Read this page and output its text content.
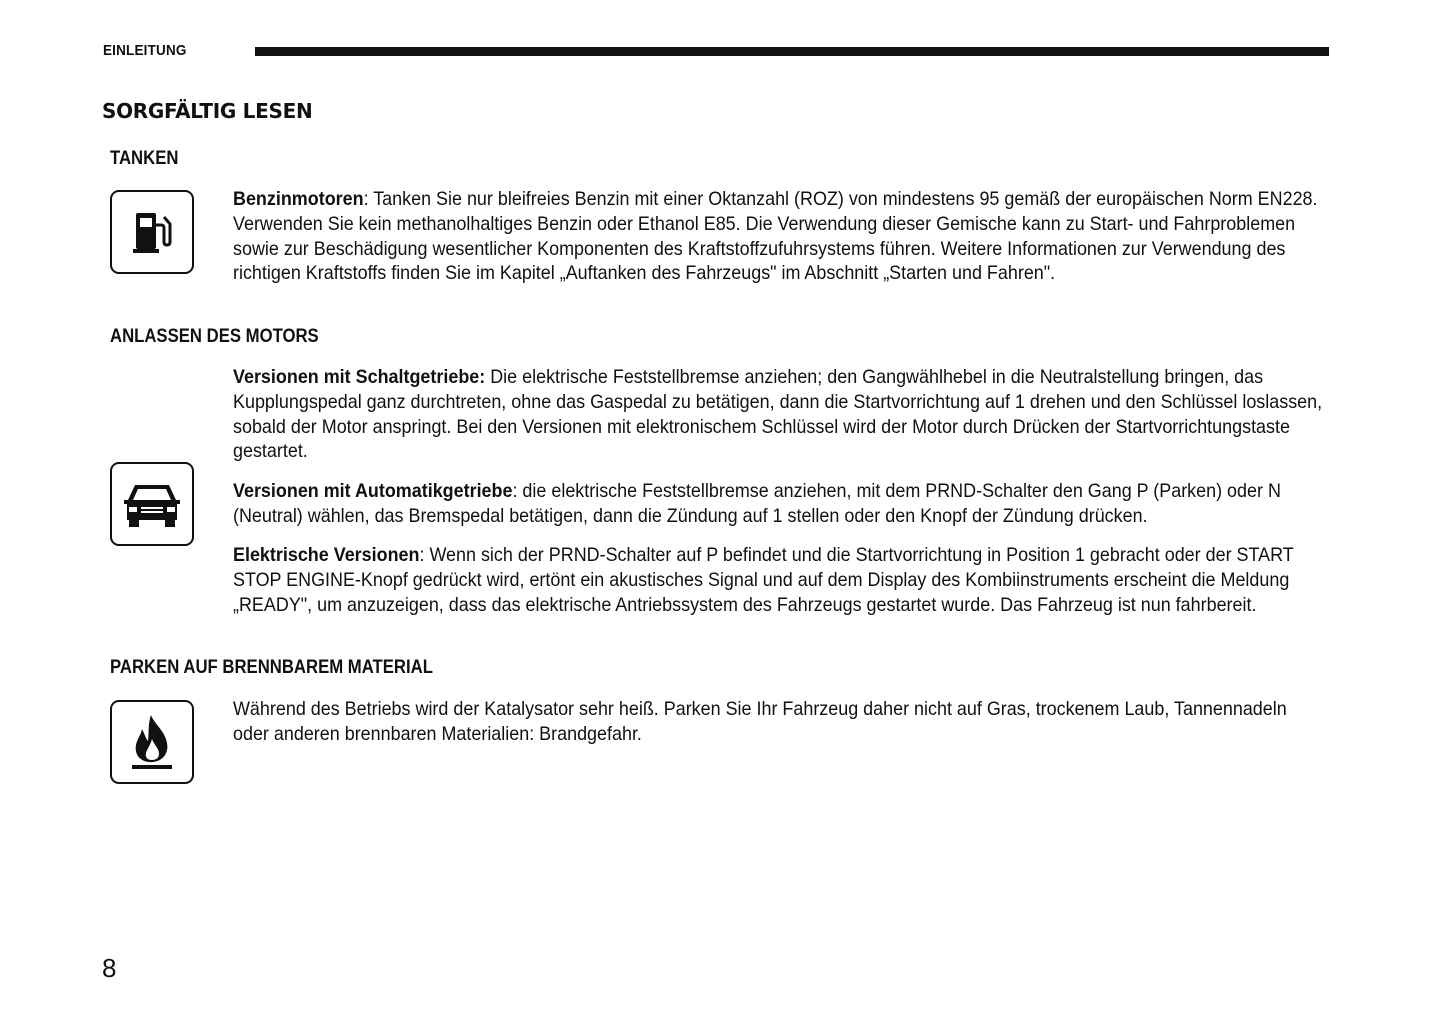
EINLEITUNG
SORGFÄLTIG LESEN
TANKEN
Benzinmotoren: Tanken Sie nur bleifreies Benzin mit einer Oktanzahl (ROZ) von mindestens 95 gemäß der europäischen Norm EN228. Verwenden Sie kein methanolhaltiges Benzin oder Ethanol E85. Die Verwendung dieser Gemische kann zu Start- und Fahrproblemen sowie zur Beschädigung wesentlicher Komponenten des Kraftstoffzufuhrsystems führen. Weitere Informationen zur Verwendung des richtigen Kraftstoffs finden Sie im Kapitel „Auftanken des Fahrzeugs" im Abschnitt „Starten und Fahren".
ANLASSEN DES MOTORS
Versionen mit Schaltgetriebe: Die elektrische Feststellbremse anziehen; den Gangwählhebel in die Neutralstellung bringen, das Kupplungspedal ganz durchtreten, ohne das Gaspedal zu betätigen, dann die Startvorrichtung auf 1 drehen und den Schlüssel loslassen, sobald der Motor anspringt. Bei den Versionen mit elektronischem Schlüssel wird der Motor durch Drücken der Startvorrichtungstaste gestartet.
Versionen mit Automatikgetriebe: die elektrische Feststellbremse anziehen, mit dem PRND-Schalter den Gang P (Parken) oder N (Neutral) wählen, das Bremspedal betätigen, dann die Zündung auf 1 stellen oder den Knopf der Zündung drücken.
Elektrische Versionen: Wenn sich der PRND-Schalter auf P befindet und die Startvorrichtung in Position 1 gebracht oder der START STOP ENGINE-Knopf gedrückt wird, ertönt ein akustisches Signal und auf dem Display des Kombiinstruments erscheint die Meldung „READY", um anzuzeigen, dass das elektrische Antriebssystem des Fahrzeugs gestartet wurde. Das Fahrzeug ist nun fahrbereit.
PARKEN AUF BRENNBAREM MATERIAL
Während des Betriebs wird der Katalysator sehr heiß. Parken Sie Ihr Fahrzeug daher nicht auf Gras, trockenem Laub, Tannennadeln oder anderen brennbaren Materialien: Brandgefahr.
8
